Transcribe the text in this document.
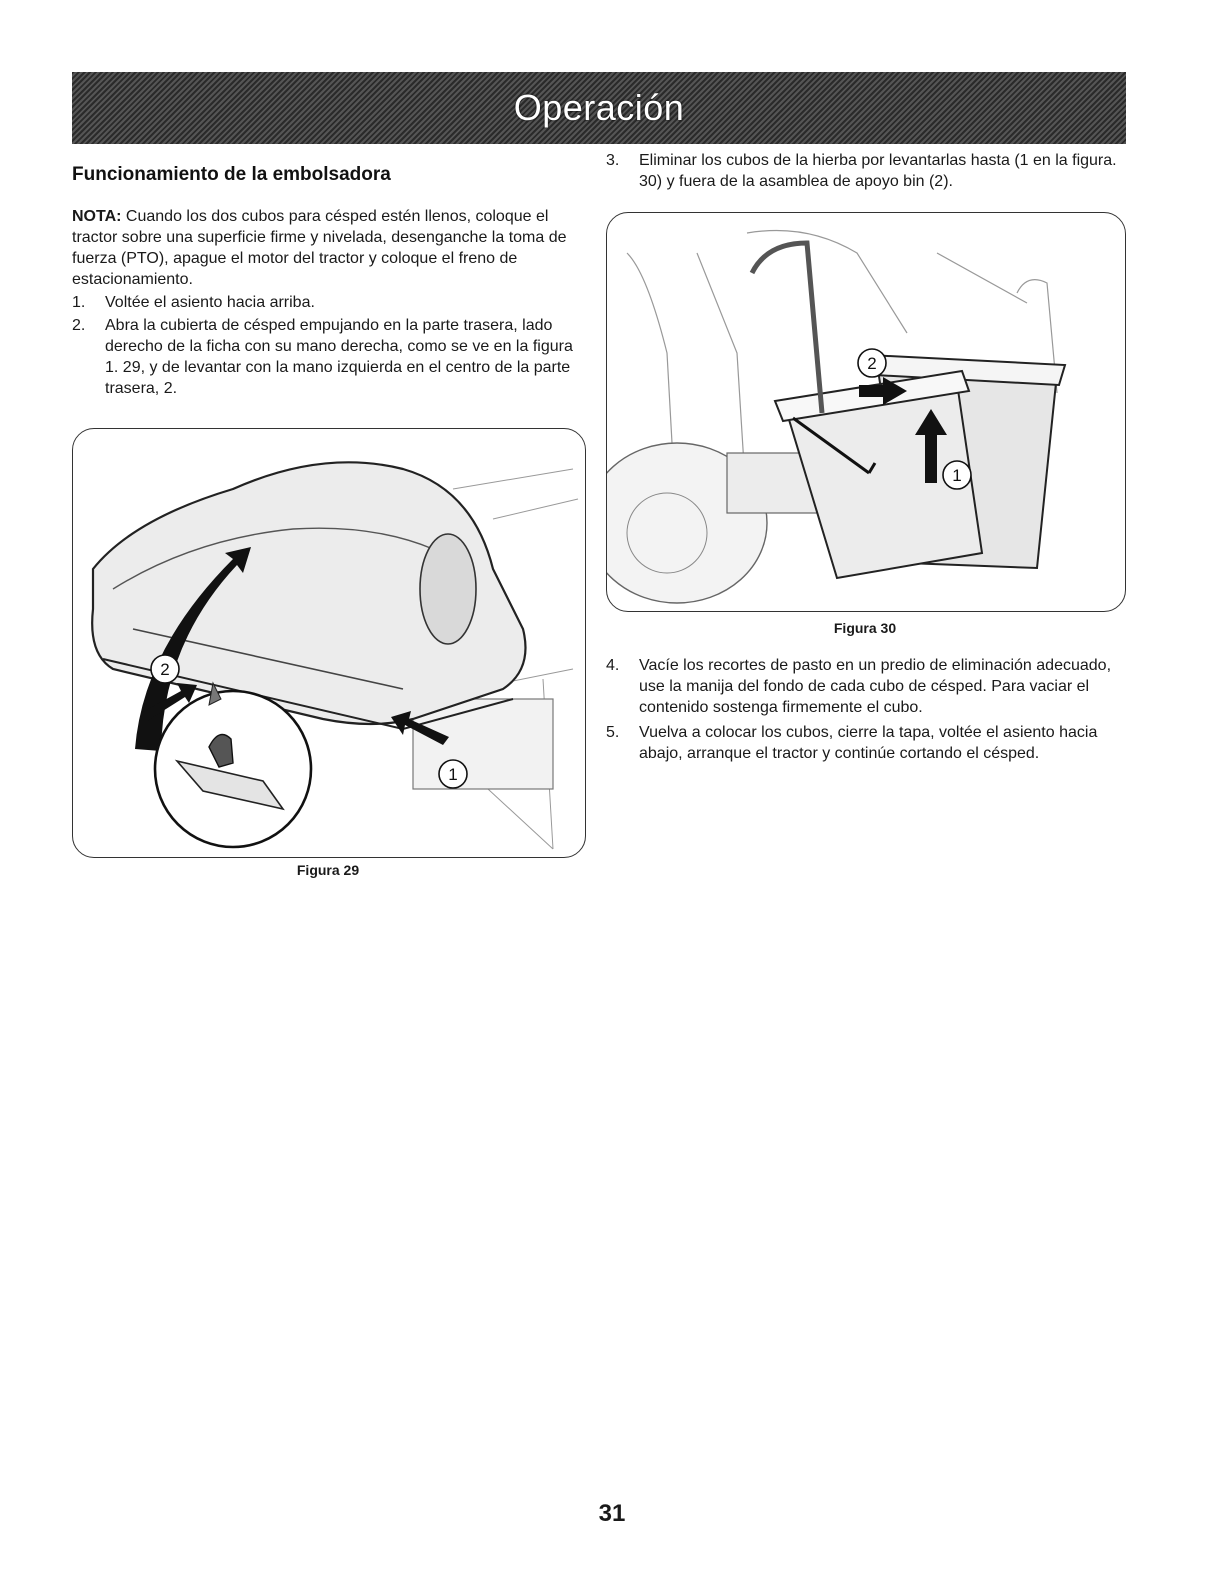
Operación
Funcionamiento de la embolsadora

NOTA: Cuando los dos cubos para césped estén llenos, coloque el tractor sobre una superficie firme y nivelada, desenganche la toma de fuerza (PTO), apague el motor del tractor y coloque el freno de estacionamiento.

1.	Voltée el asiento hacia arriba.
2.	Abra la cubierta de césped empujando en la parte trasera, lado derecho de la ficha con su mano derecha, como se ve en la figura 1. 29, y de levantar con la mano izquierda en el centro de la parte trasera, 2.
2
1
Figura 29
3.	Eliminar los cubos de la hierba por levantarlas hasta (1 en la figura. 30) y fuera de la asamblea de apoyo bin (2).
2
1
Figura 30
4.	Vacíe los recortes de pasto en un predio de eliminación adecuado, use la manija del fondo de cada cubo de césped. Para vaciar el contenido sostenga firmemente el cubo.
5.	Vuelva a colocar los cubos, cierre la tapa, voltée el asiento hacia abajo, arranque el tractor y continúe cortando el césped.
31
